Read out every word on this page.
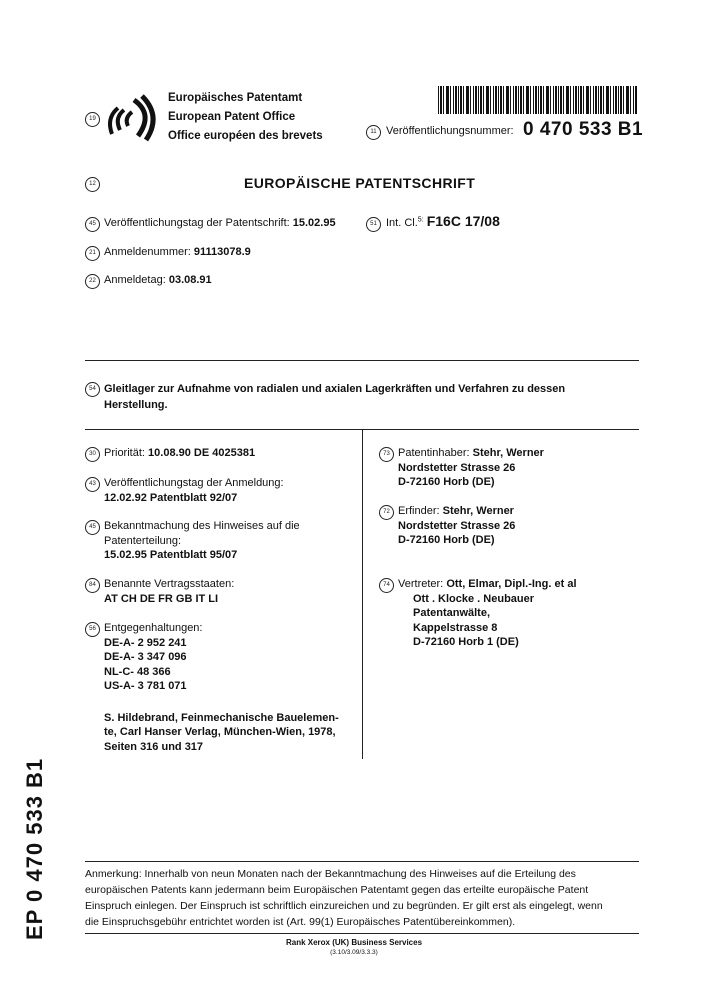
19
Europäisches Patentamt
European Patent Office
Office européen des brevets	11 Veröffentlichungsnummer: 0 470 533 B1
12	EUROPÄISCHE PATENTSCHRIFT
45 Veröffentlichungstag der Patentschrift: 15.02.95	51 Int. Cl.$^{5:}$ F16C 17/08
21 Anmeldenummer: 91113078.9
22 Anmeldetag: 03.08.91
54 Gleitlager zur Aufnahme von radialen und axialen Lagerkräften und Verfahren zu dessen
Herstellung.
30 Priorität: 10.08.90 DE 4025381
43 Veröffentlichungstag der Anmeldung:
12.02.92 Patentblatt 92/07
45 Bekanntmachung des Hinweises auf die
Patenterteilung:
15.02.95 Patentblatt 95/07
84 Benannte Vertragsstaaten:
AT CH DE FR GB IT LI
56 Entgegenhaltungen:
DE-A- 2 952 241
DE-A- 3 347 096
NL-C- 48 366
US-A- 3 781 071
S. Hildebrand, Feinmechanische Bauelemen-
te, Carl Hanser Verlag, München-Wien, 1978,
Seiten 316 und 317
73 Patentinhaber: Stehr, Werner
Nordstetter Strasse 26
D-72160 Horb (DE)
72 Erfinder: Stehr, Werner
Nordstetter Strasse 26
D-72160 Horb (DE)
74 Vertreter: Ott, Elmar, Dipl.-Ing. et al
Ott . Klocke . Neubauer
Patentanwälte,
Kappelstrasse 8
D-72160 Horb 1 (DE)
EP 0 470 533 B1	Anmerkung: Innerhalb von neun Monaten nach der Bekanntmachung des Hinweises auf die Erteilung des
europäischen Patents kann jedermann beim Europäischen Patentamt gegen das erteilte europäische Patent
Einspruch einlegen. Der Einspruch ist schriftlich einzureichen und zu begründen. Er gilt erst als eingelegt, wenn
die Einspruchsgebühr entrichtet worden ist (Art. 99(1) Europäisches Patentübereinkommen).
Rank Xerox (UK) Business Services
(3.10/3.09/3.3.3)
